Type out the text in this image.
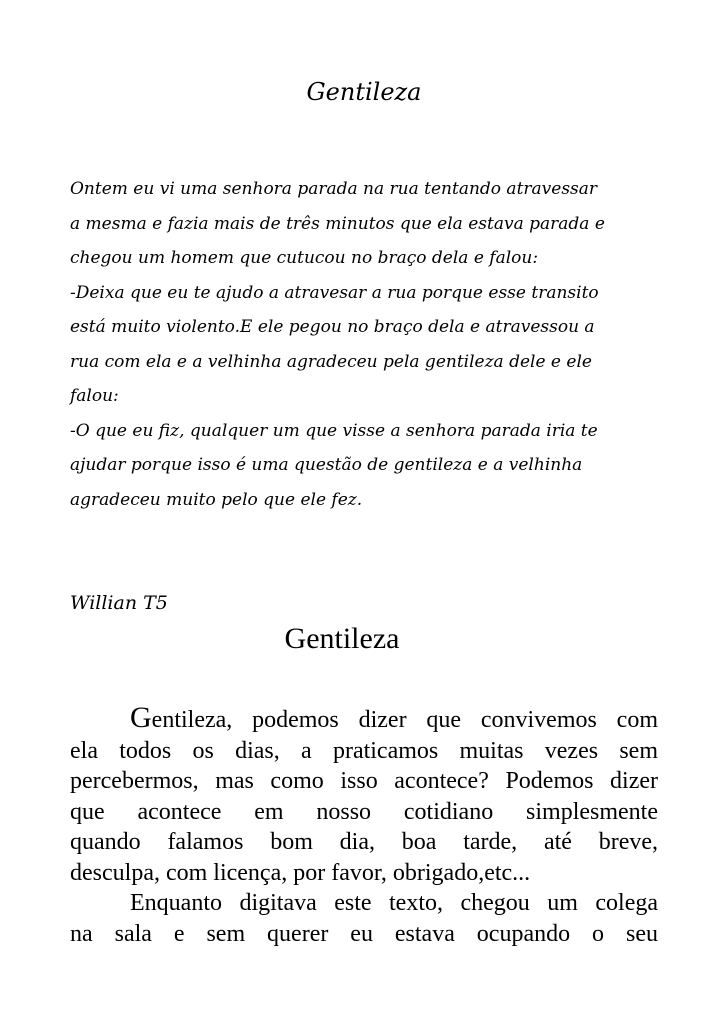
Gentileza
Ontem eu vi uma senhora parada na rua tentando atravessar
a mesma e fazia mais de três minutos que ela estava parada e
chegou um homem que cutucou no braço dela e falou:
-Deixa que eu te ajudo a atravesar a rua porque esse transito
está muito violento.E ele pegou no braço dela e atravessou a
rua com ela e a velhinha agradeceu pela gentileza dele e ele
falou:
-O que eu fiz, qualquer um que visse a senhora parada iria te
ajudar porque isso é uma questão de gentileza e a velhinha
agradeceu muito pelo que ele fez.
Willian T5
Gentileza
Gentileza, podemos dizer que convivemos com
ela todos os dias, a praticamos muitas vezes sem
percebermos, mas como isso acontece? Podemos dizer
que acontece em nosso cotidiano simplesmente
quando falamos bom dia, boa tarde, até breve,
desculpa, com licença, por favor, obrigado,etc...
Enquanto digitava este texto, chegou um colega
na sala e sem querer eu estava ocupando o seu
